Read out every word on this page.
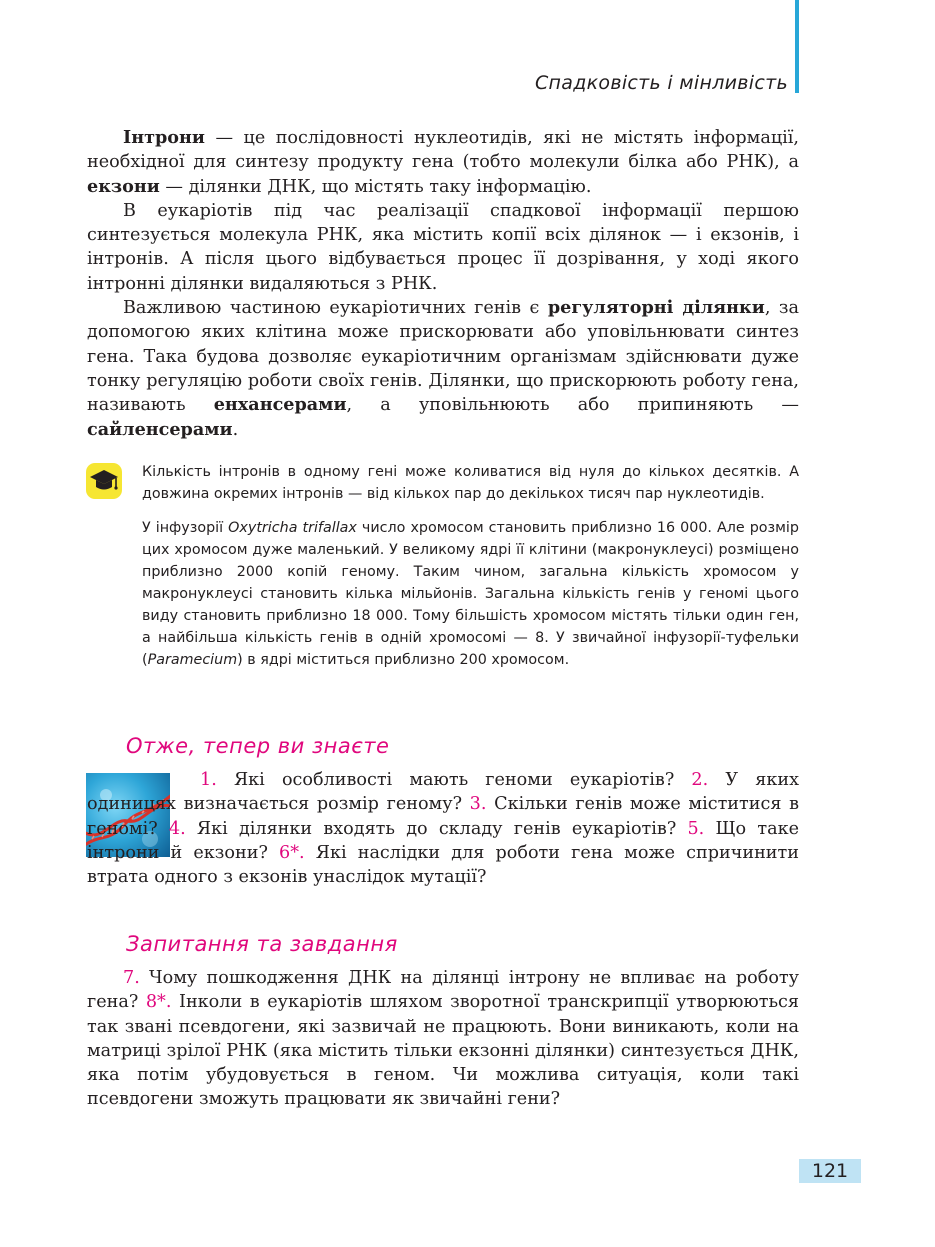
Спадковість і мінливість

Інтрони — це послідовності нуклеотидів, які не містять інформації, необхідної для синтезу продукту гена (тобто молекули білка або РНК), а екзони — ділянки ДНК, що містять таку інформацію.

В еукаріотів під час реалізації спадкової інформації першою синтезується молекула РНК, яка містить копії всіх ділянок — і екзонів, і інтронів. А після цього відбувається процес її дозрівання, у ході якого інтронні ділянки видаляються з РНК.

Важливою частиною еукаріотичних генів є регуляторні ділянки, за допомогою яких клітина може прискорювати або уповільнювати синтез гена. Така будова дозволяє еукаріотичним організмам здійснювати дуже тонку регуляцію роботи своїх генів. Ділянки, що прискорюють роботу гена, називають енхансерами, а уповільнюють або припиняють — сайленсерами.

Кількість інтронів в одному гені може коливатися від нуля до кількох десятків. А довжина окремих інтронів — від кількох пар до декількох тисяч пар нуклеотидів.

У інфузорії Oxytricha trifallax число хромосом становить приблизно 16 000. Але розмір цих хромосом дуже маленький. У великому ядрі її клітини (макронуклеусі) розміщено приблизно 2000 копій геному. Таким чином, загальна кількість хромосом у макронуклеусі становить кілька мільйонів. Загальна кількість генів у геномі цього виду становить приблизно 18 000. Тому більшість хромосом містять тільки один ген, а найбільша кількість генів в одній хромосомі — 8. У звичайної інфузорії-туфельки (Paramecium) в ядрі міститься приблизно 200 хромосом.

Отже, тепер ви знаєте

1. Які особливості мають геноми еукаріотів? 2. У яких одиницях визначається розмір геному? 3. Скільки генів може міститися в геномі? 4. Які ділянки входять до складу генів еукаріотів? 5. Що таке інтрони й екзони? 6*. Які наслідки для роботи гена може спричинити втрата одного з екзонів унаслідок мутації?

Запитання та завдання

7. Чому пошкодження ДНК на ділянці інтрону не впливає на роботу гена? 8*. Інколи в еукаріотів шляхом зворотної транскрипції утворюються так звані псевдогени, які зазвичай не працюють. Вони виникають, коли на матриці зрілої РНК (яка містить тільки екзонні ділянки) синтезується ДНК, яка потім убудовується в геном. Чи можлива ситуація, коли такі псевдогени зможуть працювати як звичайні гени?

121
